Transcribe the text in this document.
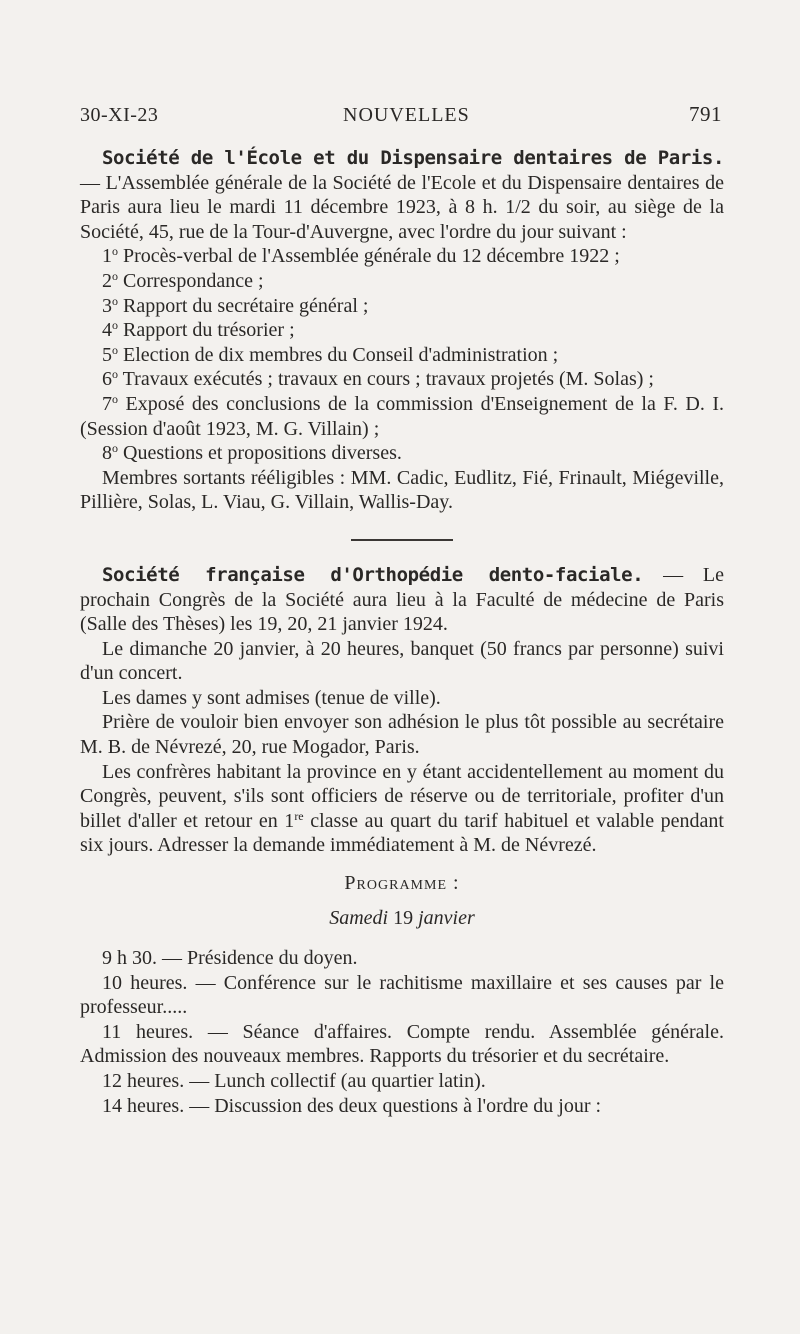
30-XI-23	NOUVELLES	791

Société de l'École et du Dispensaire dentaires de Paris. — L'Assemblée générale de la Société de l'Ecole et du Dispensaire dentaires de Paris aura lieu le mardi 11 décembre 1923, à 8 h. 1/2 du soir, au siège de la Société, 45, rue de la Tour-d'Auvergne, avec l'ordre du jour suivant :

1$^o$ Procès-verbal de l'Assemblée générale du 12 décembre 1922 ;

2$^o$ Correspondance ;

3$^o$ Rapport du secrétaire général ;

4$^o$ Rapport du trésorier ;

5$^o$ Election de dix membres du Conseil d'administration ;

6$^o$ Travaux exécutés ; travaux en cours ; travaux projetés (M. Solas) ;

7$^o$ Exposé des conclusions de la commission d'Enseignement de la F. D. I. (Session d'août 1923, M. G. Villain) ;

8$^o$ Questions et propositions diverses.

Membres sortants rééligibles : MM. Cadic, Eudlitz, Fié, Frinault, Miégeville, Pillière, Solas, L. Viau, G. Villain, Wallis-Day.

Société française d'Orthopédie dento-faciale. — Le prochain Congrès de la Société aura lieu à la Faculté de médecine de Paris (Salle des Thèses) les 19, 20, 21 janvier 1924.

Le dimanche 20 janvier, à 20 heures, banquet (50 francs par personne) suivi d'un concert.

Les dames y sont admises (tenue de ville).

Prière de vouloir bien envoyer son adhésion le plus tôt possible au secrétaire M. B. de Névrezé, 20, rue Mogador, Paris.

Les confrères habitant la province en y étant accidentellement au moment du Congrès, peuvent, s'ils sont officiers de réserve ou de territoriale, profiter d'un billet d'aller et retour en 1re classe au quart du tarif habituel et valable pendant six jours. Adresser la demande immédiatement à M. de Névrezé.

Programme :
Samedi 19 janvier

9 h 30. — Présidence du doyen.

10 heures. — Conférence sur le rachitisme maxillaire et ses causes par le professeur.....

11 heures. — Séance d'affaires. Compte rendu. Assemblée générale. Admission des nouveaux membres. Rapports du trésorier et du secrétaire.

12 heures. — Lunch collectif (au quartier latin).

14 heures. — Discussion des deux questions à l'ordre du jour :
